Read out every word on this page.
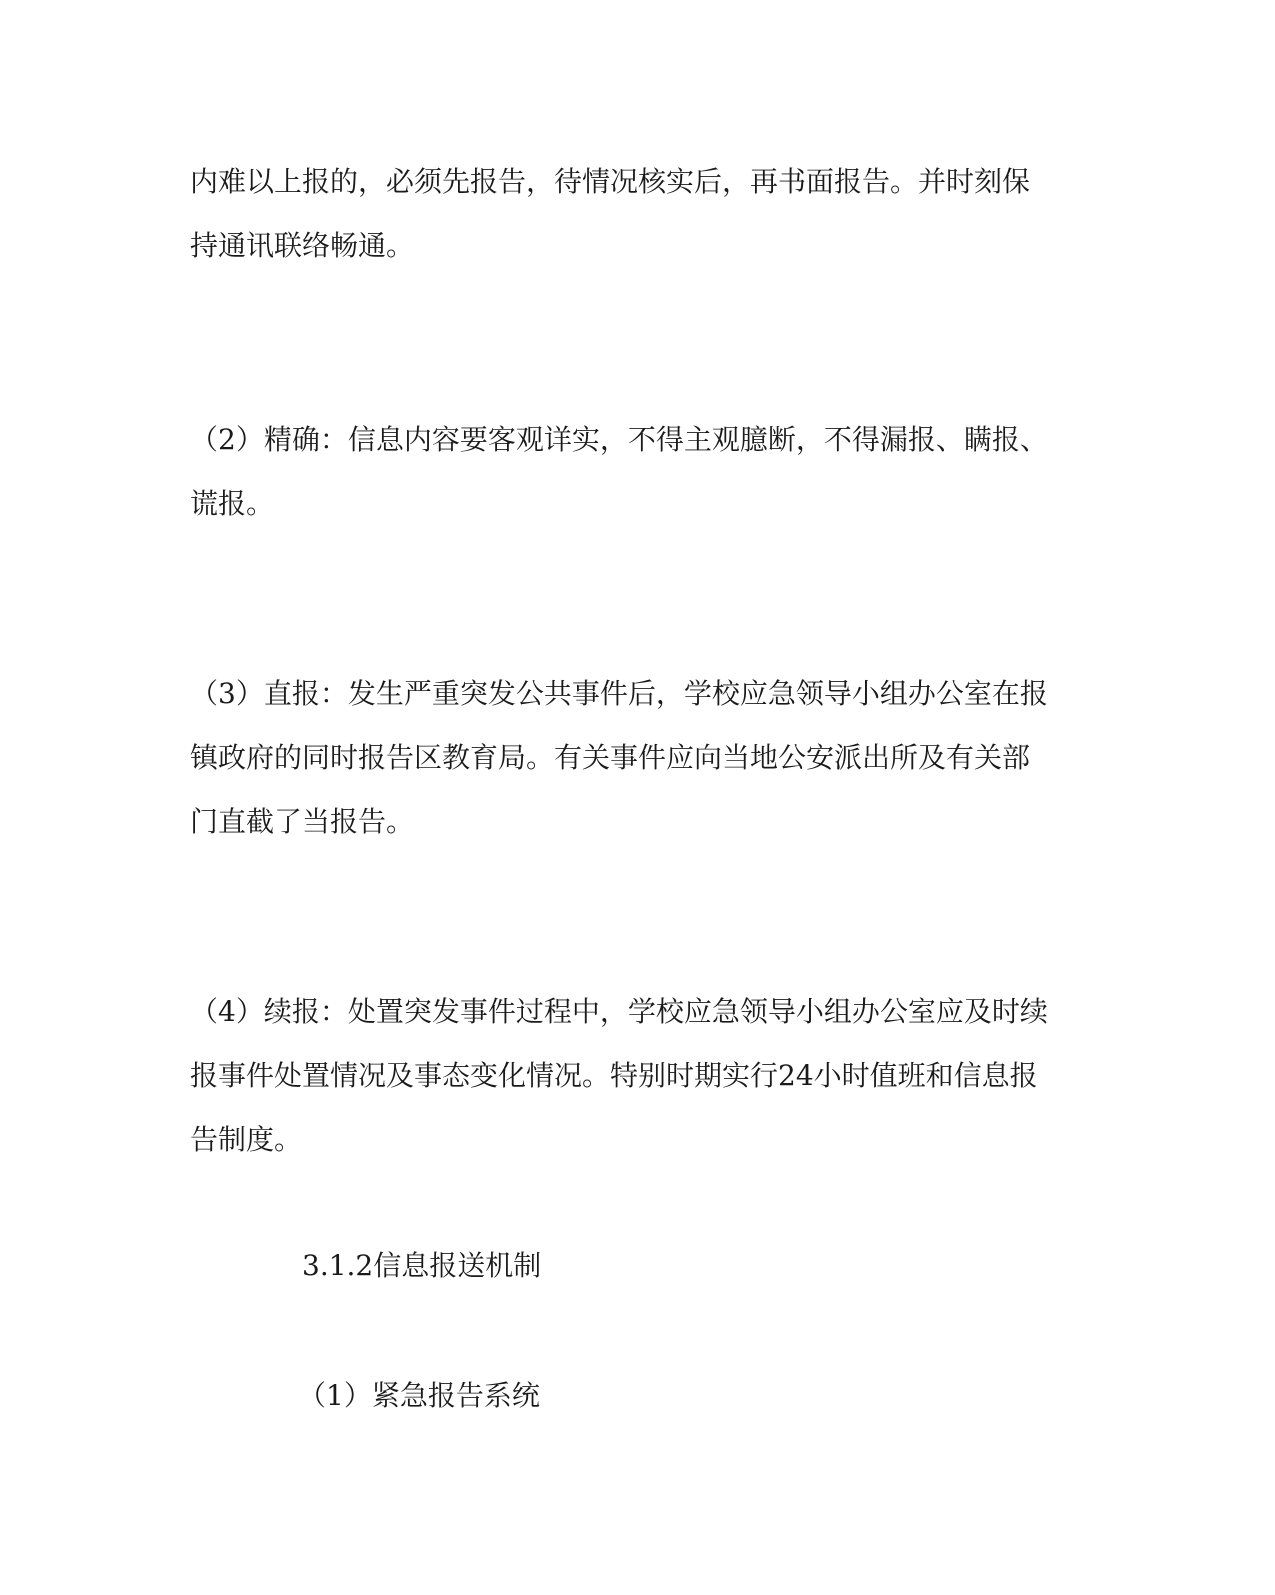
内难以上报的，必须先报告，待情况核实后，再书面报告。并时刻保
持通讯联络畅通。

（2）精确：信息内容要客观详实，不得主观臆断，不得漏报、瞒报、
谎报。

（3）直报：发生严重突发公共事件后，学校应急领导小组办公室在报
镇政府的同时报告区教育局。有关事件应向当地公安派出所及有关部
门直截了当报告。

（4）续报：处置突发事件过程中，学校应急领导小组办公室应及时续
报事件处置情况及事态变化情况。特别时期实行24小时值班和信息报
告制度。

3.1.2信息报送机制

（1）紧急报告系统
